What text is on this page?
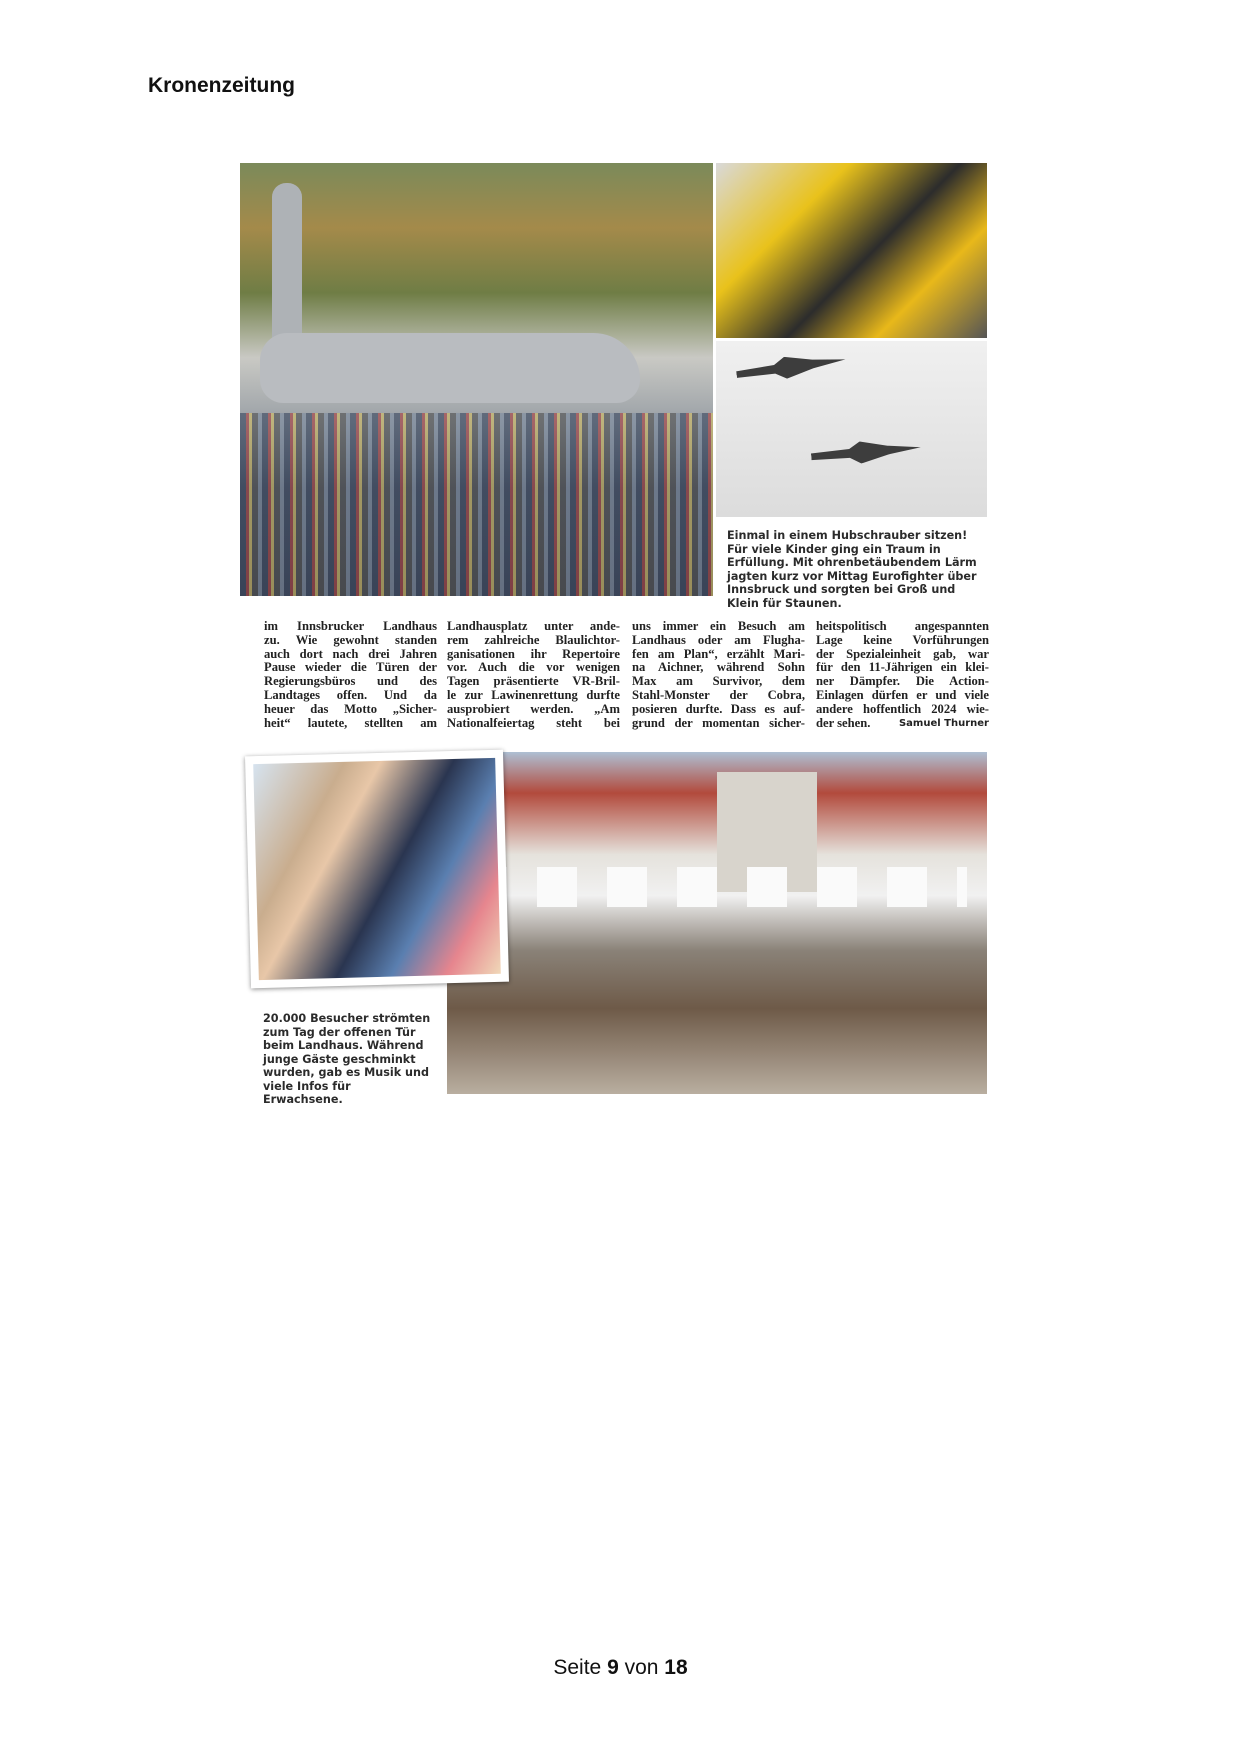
Kronenzeitung
Einmal in einem Hubschrauber sitzen! Für viele Kinder ging ein Traum in Erfüllung. Mit ohrenbetäubendem Lärm jagten kurz vor Mittag Eurofighter über Innsbruck und sorgten bei Groß und Klein für Staunen.
im Innsbrucker Landhaus
zu. Wie gewohnt standen
auch dort nach drei Jahren
Pause wieder die Türen der
Regierungsbüros und des
Landtages offen. Und da
heuer das Motto „Sicher-
heit“ lautete, stellten am
Landhausplatz unter ande-
rem zahlreiche Blaulichtor-
ganisationen ihr Repertoire
vor. Auch die vor wenigen
Tagen präsentierte VR-Bril-
le zur Lawinenrettung durfte
ausprobiert werden. „Am
Nationalfeiertag steht bei
uns immer ein Besuch am
Landhaus oder am Flugha-
fen am Plan“, erzählt Mari-
na Aichner, während Sohn
Max am Survivor, dem
Stahl-Monster der Cobra,
posieren durfte. Dass es auf-
grund der momentan sicher-
heitspolitisch angespannten
Lage keine Vorführungen
der Spezialeinheit gab, war
für den 11-Jährigen ein klei-
ner Dämpfer. Die Action-
Einlagen dürfen er und viele
andere hoffentlich 2024 wie-
der sehen.	Samuel Thurner
20.000 Besucher strömten zum Tag der offenen Tür beim Landhaus. Während junge Gäste geschminkt wurden, gab es Musik und viele Infos für Erwachsene.
Seite 9 von 18
